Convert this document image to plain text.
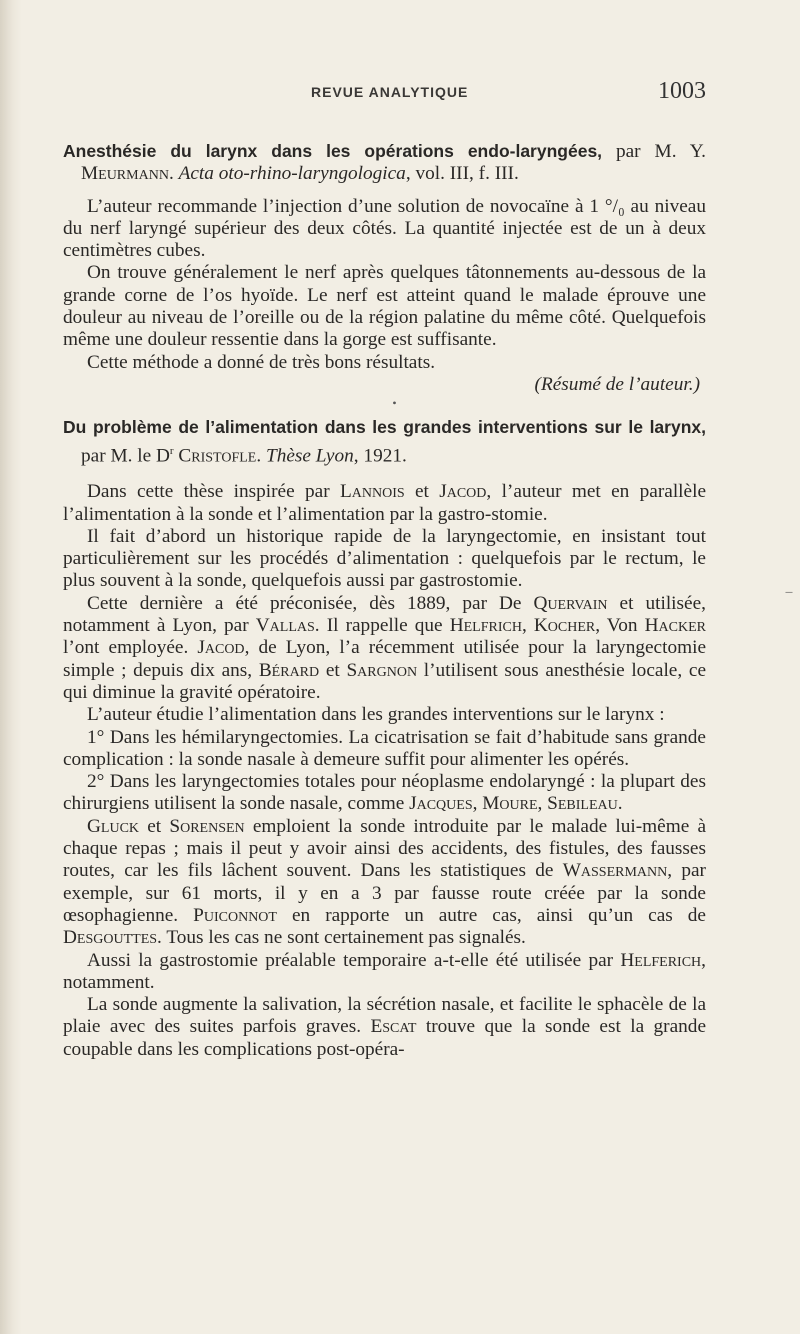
‾
REVUE ANALYTIQUE	1003

Anesthésie du larynx dans les opérations endo-laryngées, par M. Y. Meurmann. Acta oto-rhino-laryngologica, vol. III, f. III.

L’auteur recommande l’injection d’une solution de novocaïne à 1 °/₀ au niveau du nerf laryngé supérieur des deux côtés. La quantité injectée est de un à deux centimètres cubes.

On trouve généralement le nerf après quelques tâtonnements au-dessous de la grande corne de l’os hyoïde. Le nerf est atteint quand le malade éprouve une douleur au niveau de l’oreille ou de la région palatine du même côté. Quelquefois même une douleur ressentie dans la gorge est suffisante.

Cette méthode a donné de très bons résultats.

(Résumé de l’auteur.)

•

Du problème de l’alimentation dans les grandes interventions sur le larynx, par M. le $D^r$ Cristofle. Thèse Lyon, 1921.

Dans cette thèse inspirée par Lannois et Jacod, l’auteur met en parallèle l’alimentation à la sonde et l’alimentation par la gastro-stomie.

Il fait d’abord un historique rapide de la laryngectomie, en insistant tout particulièrement sur les procédés d’alimentation : quelquefois par le rectum, le plus souvent à la sonde, quelquefois aussi par gastrostomie.

Cette dernière a été préconisée, dès 1889, par De Quervain et utilisée, notamment à Lyon, par Vallas. Il rappelle que Helfrich, Kocher, Von Hacker l’ont employée. Jacod, de Lyon, l’a récemment utilisée pour la laryngectomie simple ; depuis dix ans, Bérard et Sargnon l’utilisent sous anesthésie locale, ce qui diminue la gravité opératoire.

L’auteur étudie l’alimentation dans les grandes interventions sur le larynx :

1° Dans les hémilaryngectomies. La cicatrisation se fait d’habitude sans grande complication : la sonde nasale à demeure suffit pour alimenter les opérés.

2° Dans les laryngectomies totales pour néoplasme endolaryngé : la plupart des chirurgiens utilisent la sonde nasale, comme Jacques, Moure, Sebileau.

Gluck et Sorensen emploient la sonde introduite par le malade lui-même à chaque repas ; mais il peut y avoir ainsi des accidents, des fistules, des fausses routes, car les fils lâchent souvent. Dans les statistiques de Wassermann, par exemple, sur 61 morts, il y en a 3 par fausse route créée par la sonde œsophagienne. Puiconnot en rapporte un autre cas, ainsi qu’un cas de Desgouttes. Tous les cas ne sont certainement pas signalés.

Aussi la gastrostomie préalable temporaire a-t-elle été utilisée par Helferich, notamment.

La sonde augmente la salivation, la sécrétion nasale, et facilite le sphacèle de la plaie avec des suites parfois graves. Escat trouve que la sonde est la grande coupable dans les complications post-opéra-
